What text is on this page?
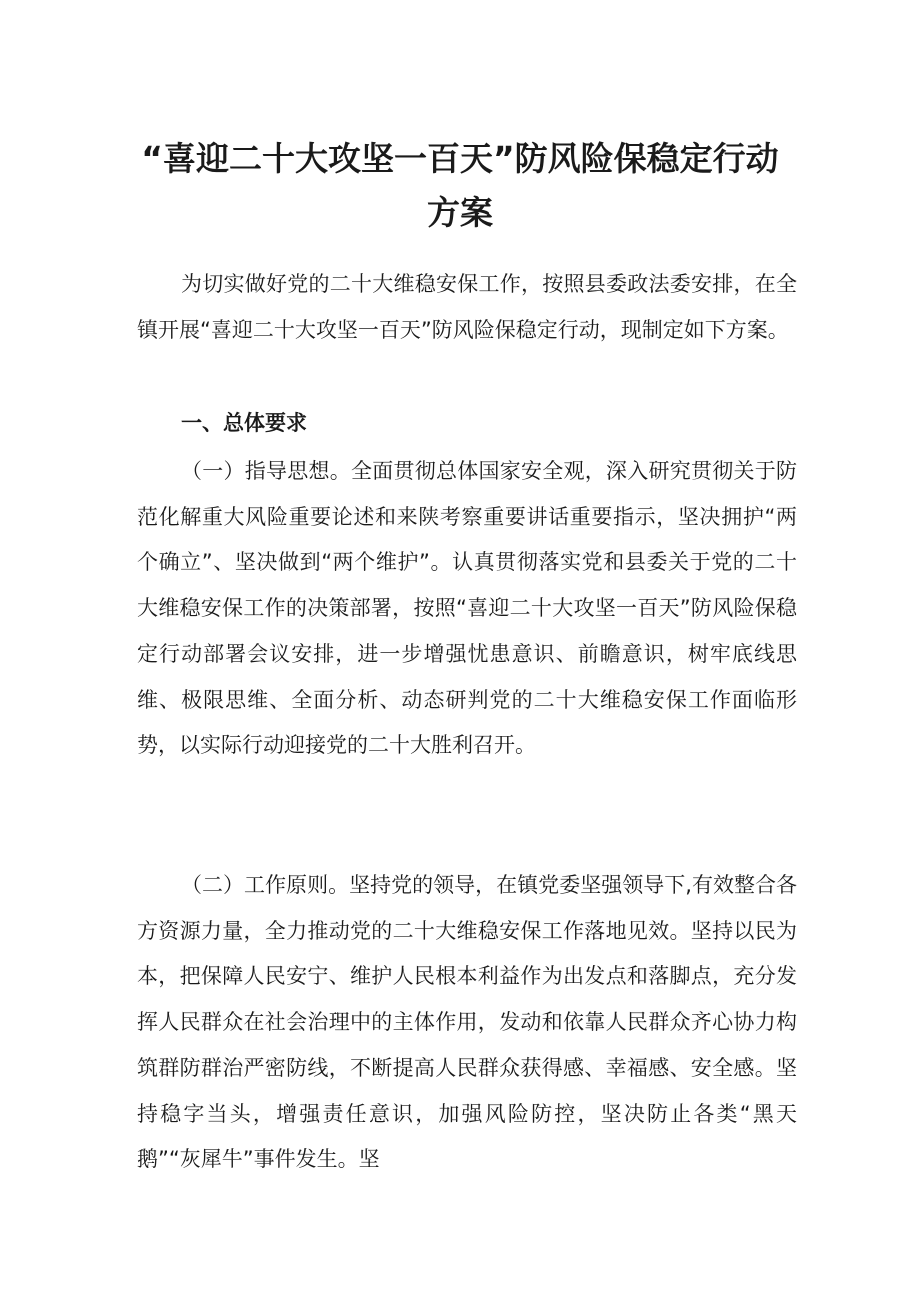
“喜迎二十大攻坚一百天”防风险保稳定行动
方案

为切实做好党的二十大维稳安保工作，按照县委政法委安排，在全镇开展“喜迎二十大攻坚一百天”防风险保稳定行动，现制定如下方案。

一、总体要求

（一）指导思想。全面贯彻总体国家安全观，深入研究贯彻关于防范化解重大风险重要论述和来陕考察重要讲话重要指示，坚决拥护“两个确立”、坚决做到“两个维护”。认真贯彻落实党和县委关于党的二十大维稳安保工作的决策部署，按照“喜迎二十大攻坚一百天”防风险保稳定行动部署会议安排，进一步增强忧患意识、前瞻意识，树牢底线思维、极限思维、全面分析、动态研判党的二十大维稳安保工作面临形势，以实际行动迎接党的二十大胜利召开。

（二）工作原则。坚持党的领导，在镇党委坚强领导下,有效整合各方资源力量，全力推动党的二十大维稳安保工作落地见效。坚持以民为本，把保障人民安宁、维护人民根本利益作为出发点和落脚点，充分发挥人民群众在社会治理中的主体作用，发动和依靠人民群众齐心协力构筑群防群治严密防线，不断提高人民群众获得感、幸福感、安全感。坚持稳字当头，增强责任意识，加强风险防控，坚决防止各类“黑天鹅”“灰犀牛”事件发生。坚
